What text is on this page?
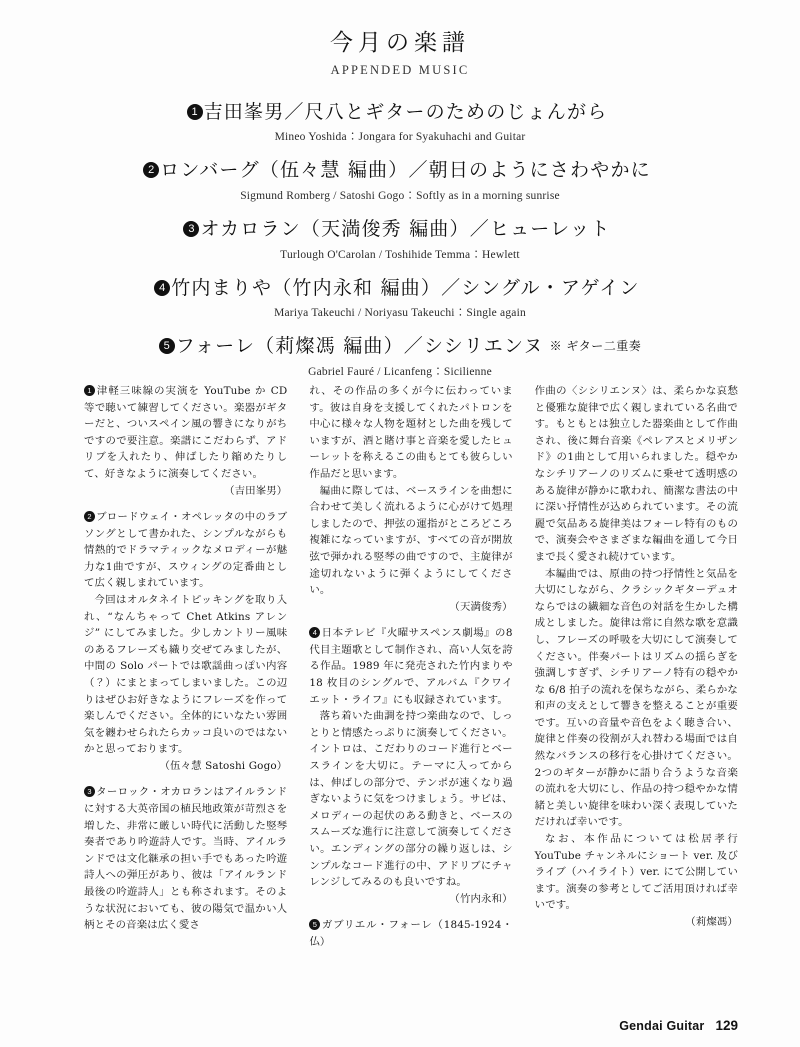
今月の楽譜
APPENDED MUSIC
1 吉田峯男／尺八とギターのためのじょんがら
Mineo Yoshida：Jongara for Syakuhachi and Guitar
2 ロンバーグ（伍々慧 編曲）／朝日のようにさわやかに
Sigmund Romberg / Satoshi Gogo：Softly as in a morning sunrise
3 オカロラン（天満俊秀 編曲）／ヒューレット
Turlough O'Carolan / Toshihide Temma：Hewlett
4 竹内まりや（竹内永和 編曲）／シングル・アゲイン
Mariya Takeuchi / Noriyasu Takeuchi：Single again
5 フォーレ（莉燦馮 編曲）／シシリエンヌ ※ ギター二重奏
Gabriel Fauré / Licanfeng：Sicilienne

1 津軽三味線の実演を YouTube か CD 等で聴いて練習してください。楽器がギターだと、ついスペイン風の響きになりがちですので要注意。楽譜にこだわらず、アドリブを入れたり、伸ばしたり縮めたりして、好きなように演奏してください。

（吉田峯男）

2 ブロードウェイ・オペレッタの中のラブソングとして書かれた、シンプルながらも情熱的でドラマティックなメロディーが魅力な1曲ですが、スウィングの定番曲として広く親しまれています。

今回はオルタネイトピッキングを取り入れ、“なんちゃって Chet Atkins アレンジ” にしてみました。少しカントリー風味のあるフレーズも織り交ぜてみましたが、中間の Solo パートでは歌謡曲っぽい内容（？）にまとまってしまいました。この辺りはぜひお好きなようにフレーズを作って楽しんでください。全体的にいなたい雰囲気を纏わせられたらカッコ良いのではないかと思っております。

（伍々慧 Satoshi Gogo）

3 ターロック・オカロランはアイルランドに対する大英帝国の植民地政策が苛烈さを増した、非常に厳しい時代に活動した竪琴奏者であり吟遊詩人です。当時、アイルランドでは文化継承の担い手でもあった吟遊詩人への弾圧があり、彼は「アイルランド最後の吟遊詩人」とも称されます。そのような状況においても、彼の陽気で温かい人柄とその音楽は広く愛さ

れ、その作品の多くが今に伝わっています。彼は自身を支援してくれたパトロンを中心に様々な人物を題材とした曲を残していますが、酒と賭け事と音楽を愛したヒューレットを称えるこの曲もとても彼らしい作品だと思います。

編曲に際しては、ベースラインを曲想に合わせて美しく流れるように心がけて処理しましたので、押弦の運指がところどころ複雑になっていますが、すべての音が開放弦で弾かれる竪琴の曲ですので、主旋律が途切れないように弾くようにしてください。

（天満俊秀）

4 日本テレビ『火曜サスペンス劇場』の8代目主題歌として制作され、高い人気を誇る作品。1989 年に発売された竹内まりや 18 枚目のシングルで、アルバム『クワイエット・ライフ』にも収録されています。

落ち着いた曲調を持つ楽曲なので、しっとりと情感たっぷりに演奏してください。イントロは、こだわりのコード進行とベースラインを大切に。テーマに入ってからは、伸ばしの部分で、テンポが速くなり過ぎないように気をつけましょう。サビは、メロディーの起伏のある動きと、ベースのスムーズな進行に注意して演奏してください。エンディングの部分の繰り返しは、シンプルなコード進行の中、アドリブにチャレンジしてみるのも良いですね。

（竹内永和）

5 ガブリエル・フォーレ（1845-1924・仏）

作曲の〈シシリエンヌ〉は、柔らかな哀愁と優雅な旋律で広く親しまれている名曲です。もともとは独立した器楽曲として作曲され、後に舞台音楽《ペレアスとメリザンド》の1曲として用いられました。穏やかなシチリアーノのリズムに乗せて透明感のある旋律が静かに歌われ、簡潔な書法の中に深い抒情性が込められています。その流麗で気品ある旋律美はフォーレ特有のもので、演奏会やさまざまな編曲を通して今日まで長く愛され続けています。

本編曲では、原曲の持つ抒情性と気品を大切にしながら、クラシックギターデュオならではの繊細な音色の対話を生かした構成としました。旋律は常に自然な歌を意識し、フレーズの呼吸を大切にして演奏してください。伴奏パートはリズムの揺らぎを強調しすぎず、シチリアーノ特有の穏やかな 6/8 拍子の流れを保ちながら、柔らかな和声の支えとして響きを整えることが重要です。互いの音量や音色をよく聴き合い、旋律と伴奏の役割が入れ替わる場面では自然なバランスの移行を心掛けてください。2つのギターが静かに語り合うような音楽の流れを大切にし、作品の持つ穏やかな情緒と美しい旋律を味わい深く表現していただければ幸いです。

なお、本作品については松居孝行YouTube チャンネルにショート ver. 及びライブ（ハイライト）ver. にて公開しています。演奏の参考としてご活用頂ければ幸いです。

（莉燦馮）

Gendai Guitar 129
